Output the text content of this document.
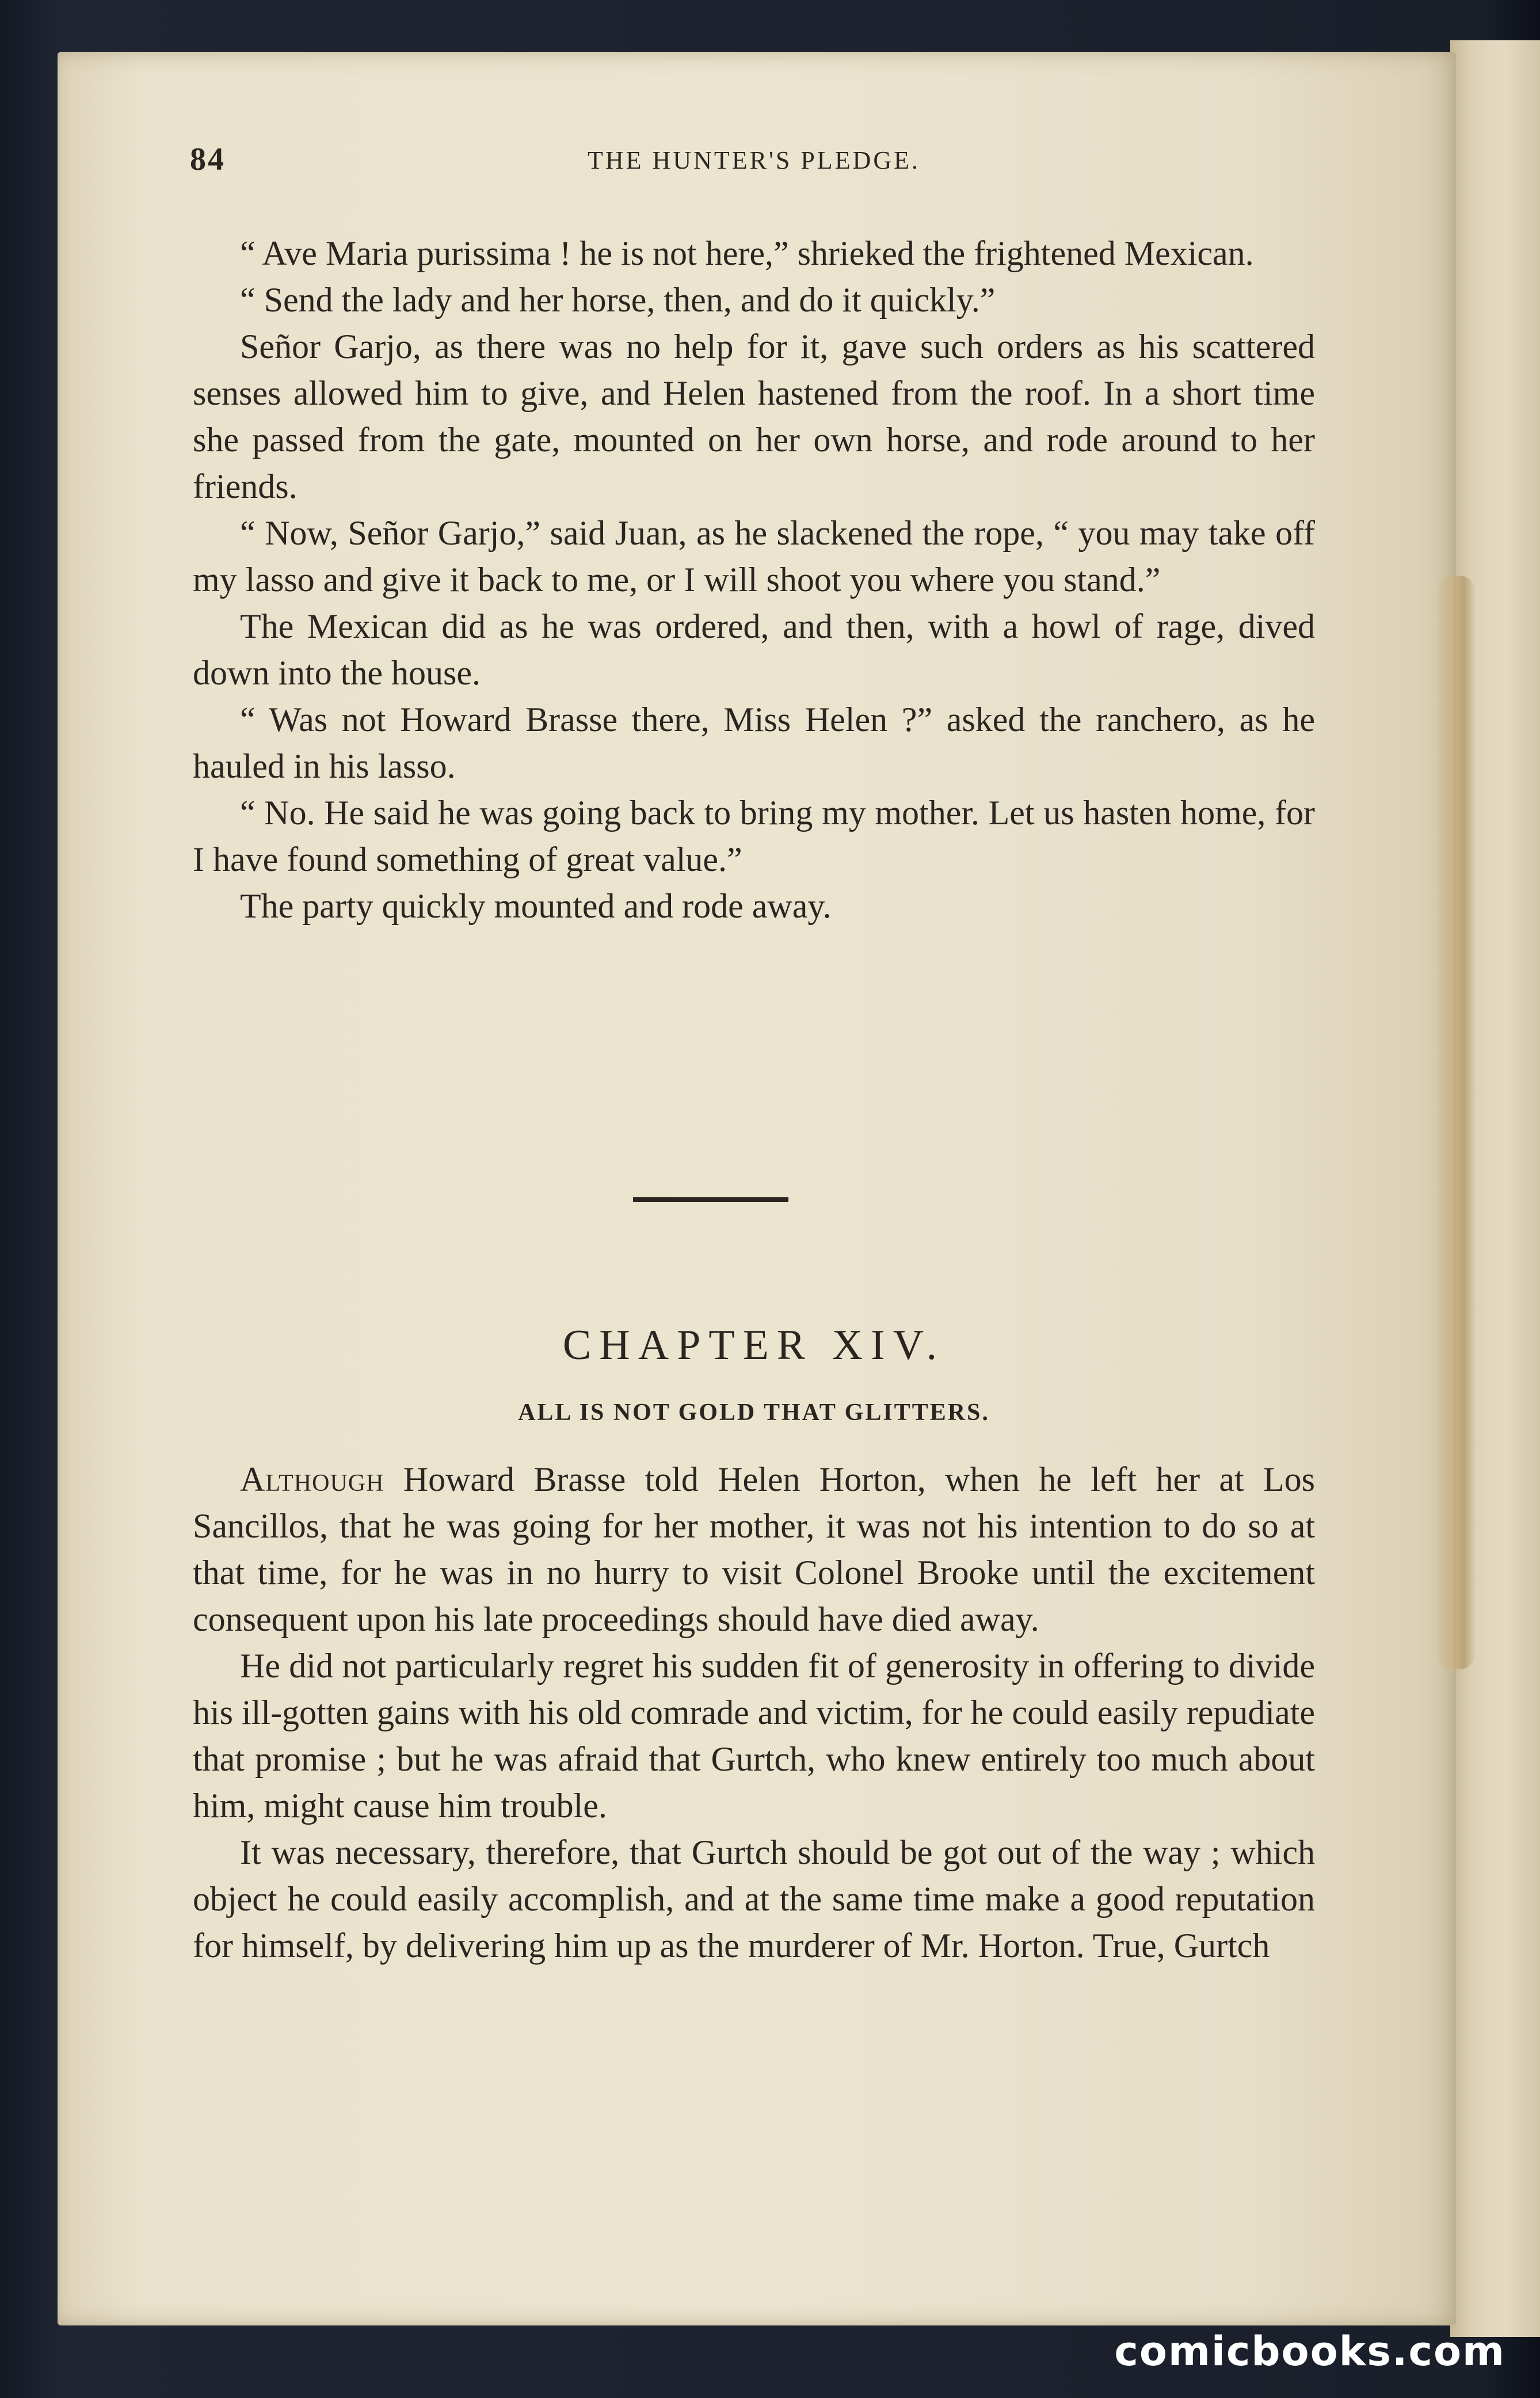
84	THE HUNTER'S PLEDGE.

“ Ave Maria purissima ! he is not here,” shrieked the frightened Mexican.

“ Send the lady and her horse, then, and do it quickly.”

Señor Garjo, as there was no help for it, gave such orders as his scattered senses allowed him to give, and Helen hastened from the roof. In a short time she passed from the gate, mounted on her own horse, and rode around to her friends.

“ Now, Señor Garjo,” said Juan, as he slackened the rope, “ you may take off my lasso and give it back to me, or I will shoot you where you stand.”

The Mexican did as he was ordered, and then, with a howl of rage, dived down into the house.

“ Was not Howard Brasse there, Miss Helen ?” asked the ranchero, as he hauled in his lasso.

“ No. He said he was going back to bring my mother. Let us hasten home, for I have found something of great value.”

The party quickly mounted and rode away.

CHAPTER XIV.
ALL IS NOT GOLD THAT GLITTERS.

Although Howard Brasse told Helen Horton, when he left her at Los Sancillos, that he was going for her mother, it was not his intention to do so at that time, for he was in no hurry to visit Colonel Brooke until the excitement consequent upon his late proceedings should have died away.

He did not particularly regret his sudden fit of generosity in offering to divide his ill-gotten gains with his old comrade and victim, for he could easily repudiate that promise ; but he was afraid that Gurtch, who knew entirely too much about him, might cause him trouble.

It was necessary, therefore, that Gurtch should be got out of the way ; which object he could easily accomplish, and at the same time make a good reputation for himself, by delivering him up as the murderer of Mr. Horton. True, Gurtch

comicbooks.com
